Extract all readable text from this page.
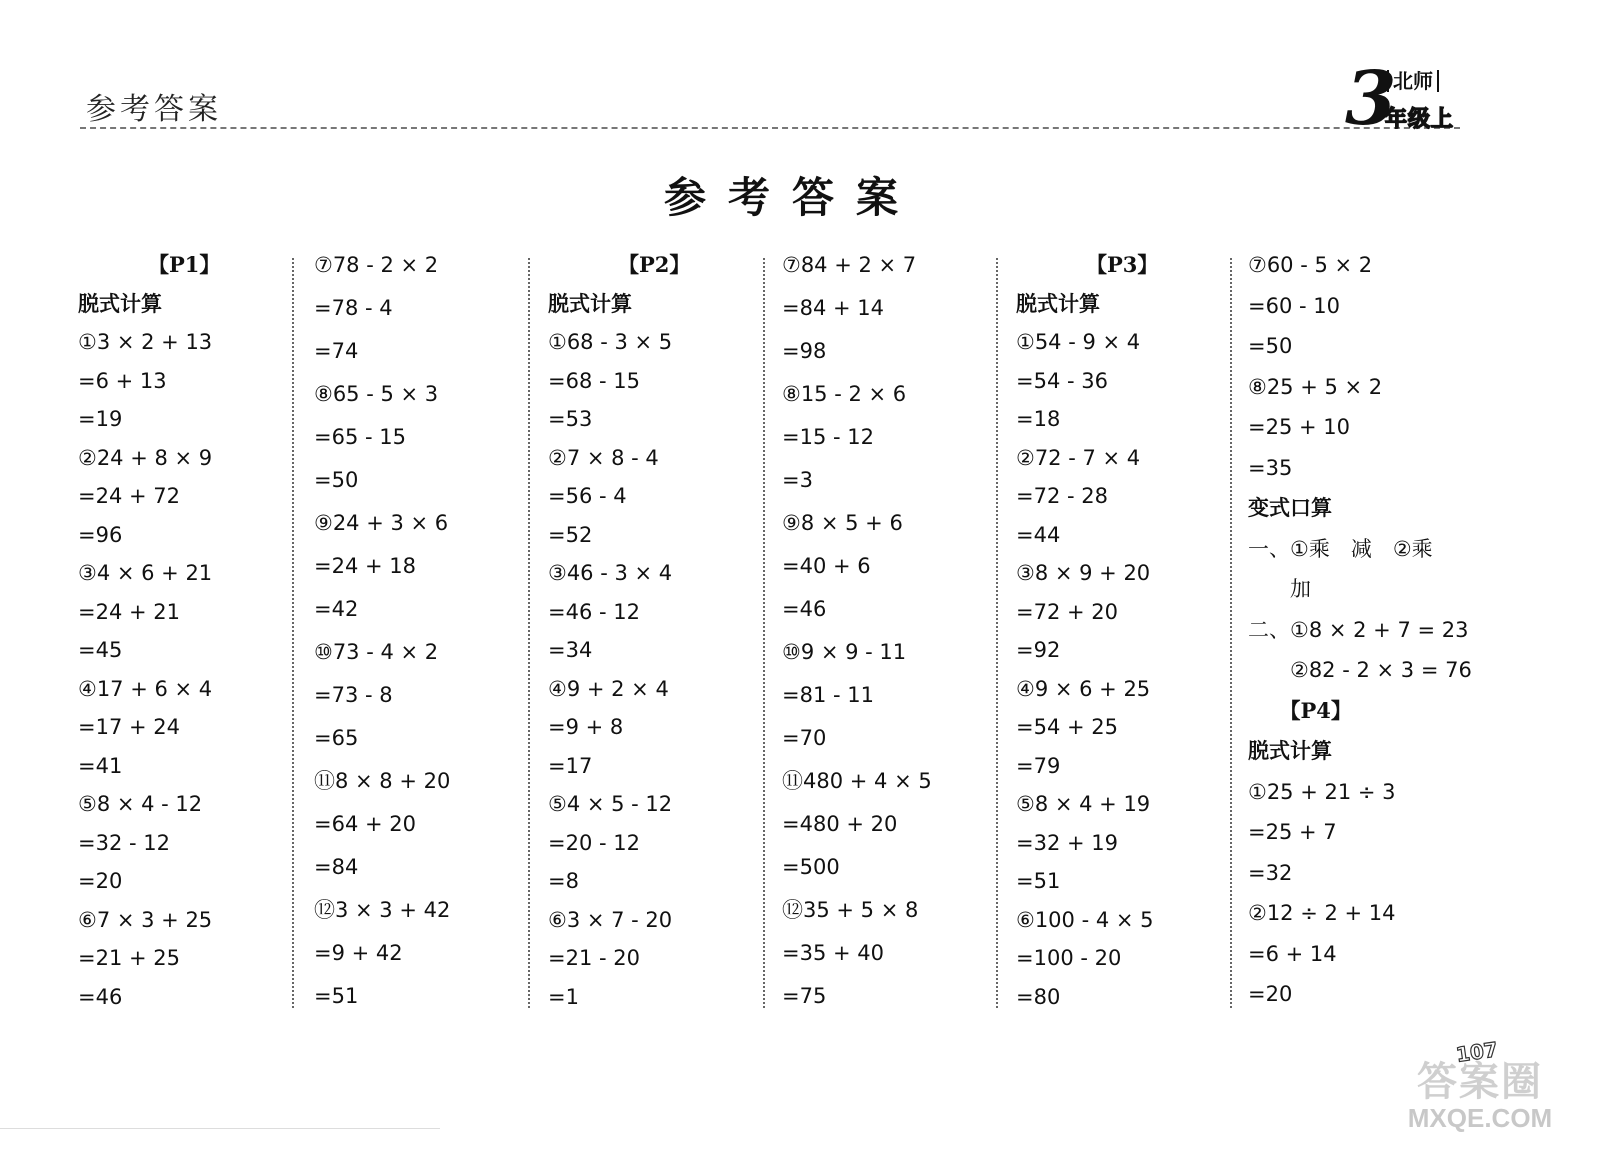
参考答案	3
北师
年级上
参考答案
【P1】
脱式计算
①3 × 2 + 13
=6 + 13
=19
②24 + 8 × 9
=24 + 72
=96
③4 × 6 + 21
=24 + 21
=45
④17 + 6 × 4
=17 + 24
=41
⑤8 × 4 - 12
=32 - 12
=20
⑥7 × 3 + 25
=21 + 25
=46
⑦78 - 2 × 2
=78 - 4
=74
⑧65 - 5 × 3
=65 - 15
=50
⑨24 + 3 × 6
=24 + 18
=42
⑩73 - 4 × 2
=73 - 8
=65
⑪8 × 8 + 20
=64 + 20
=84
⑫3 × 3 + 42
=9 + 42
=51
【P2】
脱式计算
①68 - 3 × 5
=68 - 15
=53
②7 × 8 - 4
=56 - 4
=52
③46 - 3 × 4
=46 - 12
=34
④9 + 2 × 4
=9 + 8
=17
⑤4 × 5 - 12
=20 - 12
=8
⑥3 × 7 - 20
=21 - 20
=1
⑦84 + 2 × 7
=84 + 14
=98
⑧15 - 2 × 6
=15 - 12
=3
⑨8 × 5 + 6
=40 + 6
=46
⑩9 × 9 - 11
=81 - 11
=70
⑪480 + 4 × 5
=480 + 20
=500
⑫35 + 5 × 8
=35 + 40
=75
【P3】
脱式计算
①54 - 9 × 4
=54 - 36
=18
②72 - 7 × 4
=72 - 28
=44
③8 × 9 + 20
=72 + 20
=92
④9 × 6 + 25
=54 + 25
=79
⑤8 × 4 + 19
=32 + 19
=51
⑥100 - 4 × 5
=100 - 20
=80
⑦60 - 5 × 2
=60 - 10
=50
⑧25 + 5 × 2
=25 + 10
=35
变式口算
一、①乘　减　②乘
　　加
二、①8 × 2 + 7 = 23
　　②82 - 2 × 3 = 76
　　【P4】
脱式计算
①25 + 21 ÷ 3
=25 + 7
=32
②12 ÷ 2 + 14
=6 + 14
=20
107
答案圈
MXQE.COM
